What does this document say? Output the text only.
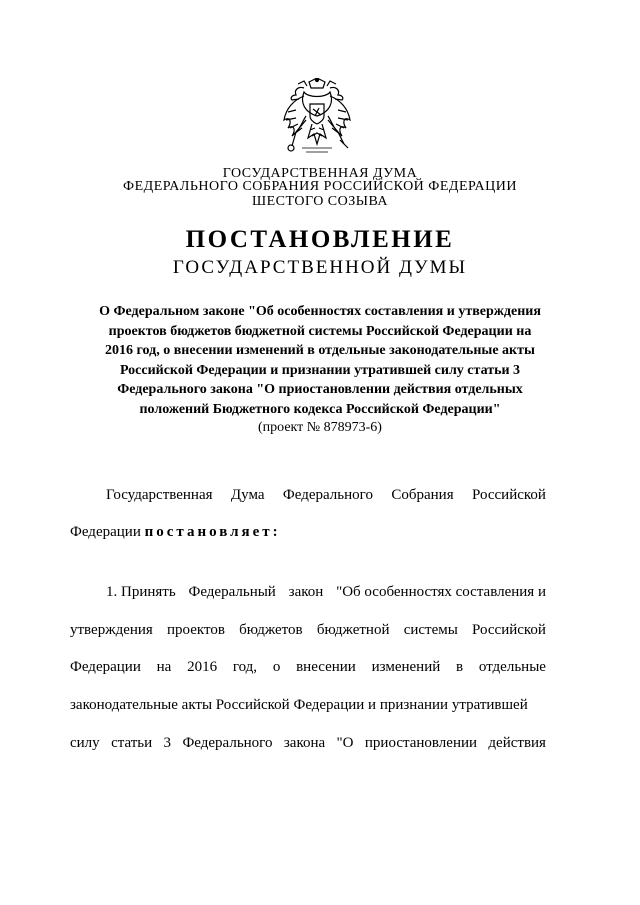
ГОСУДАРСТВЕННАЯ ДУМА
ФЕДЕРАЛЬНОГО СОБРАНИЯ РОССИЙСКОЙ ФЕДЕРАЦИИ
ШЕСТОГО СОЗЫВА
ПОСТАНОВЛЕНИЕ
ГОСУДАРСТВЕННОЙ ДУМЫ
О Федеральном законе "Об особенностях составления и утверждения
проектов бюджетов бюджетной системы Российской Федерации на
2016 год, о внесении изменений в отдельные законодательные акты
Российской Федерации и признании утратившей силу статьи 3
Федерального закона "О приостановлении действия отдельных
положений Бюджетного кодекса Российской Федерации"
(проект № 878973-6)
Государственная Дума Федерального Собрания Российской
Федерации
постановляет:
1. Принять Федеральный закон "Об особенностях составления и
утверждения проектов бюджетов бюджетной системы Российской
Федерации на 2016 год, о внесении изменений в отдельные
законодательные акты Российской Федерации и признании утратившей
силу статьи 3 Федерального закона "О приостановлении действия
